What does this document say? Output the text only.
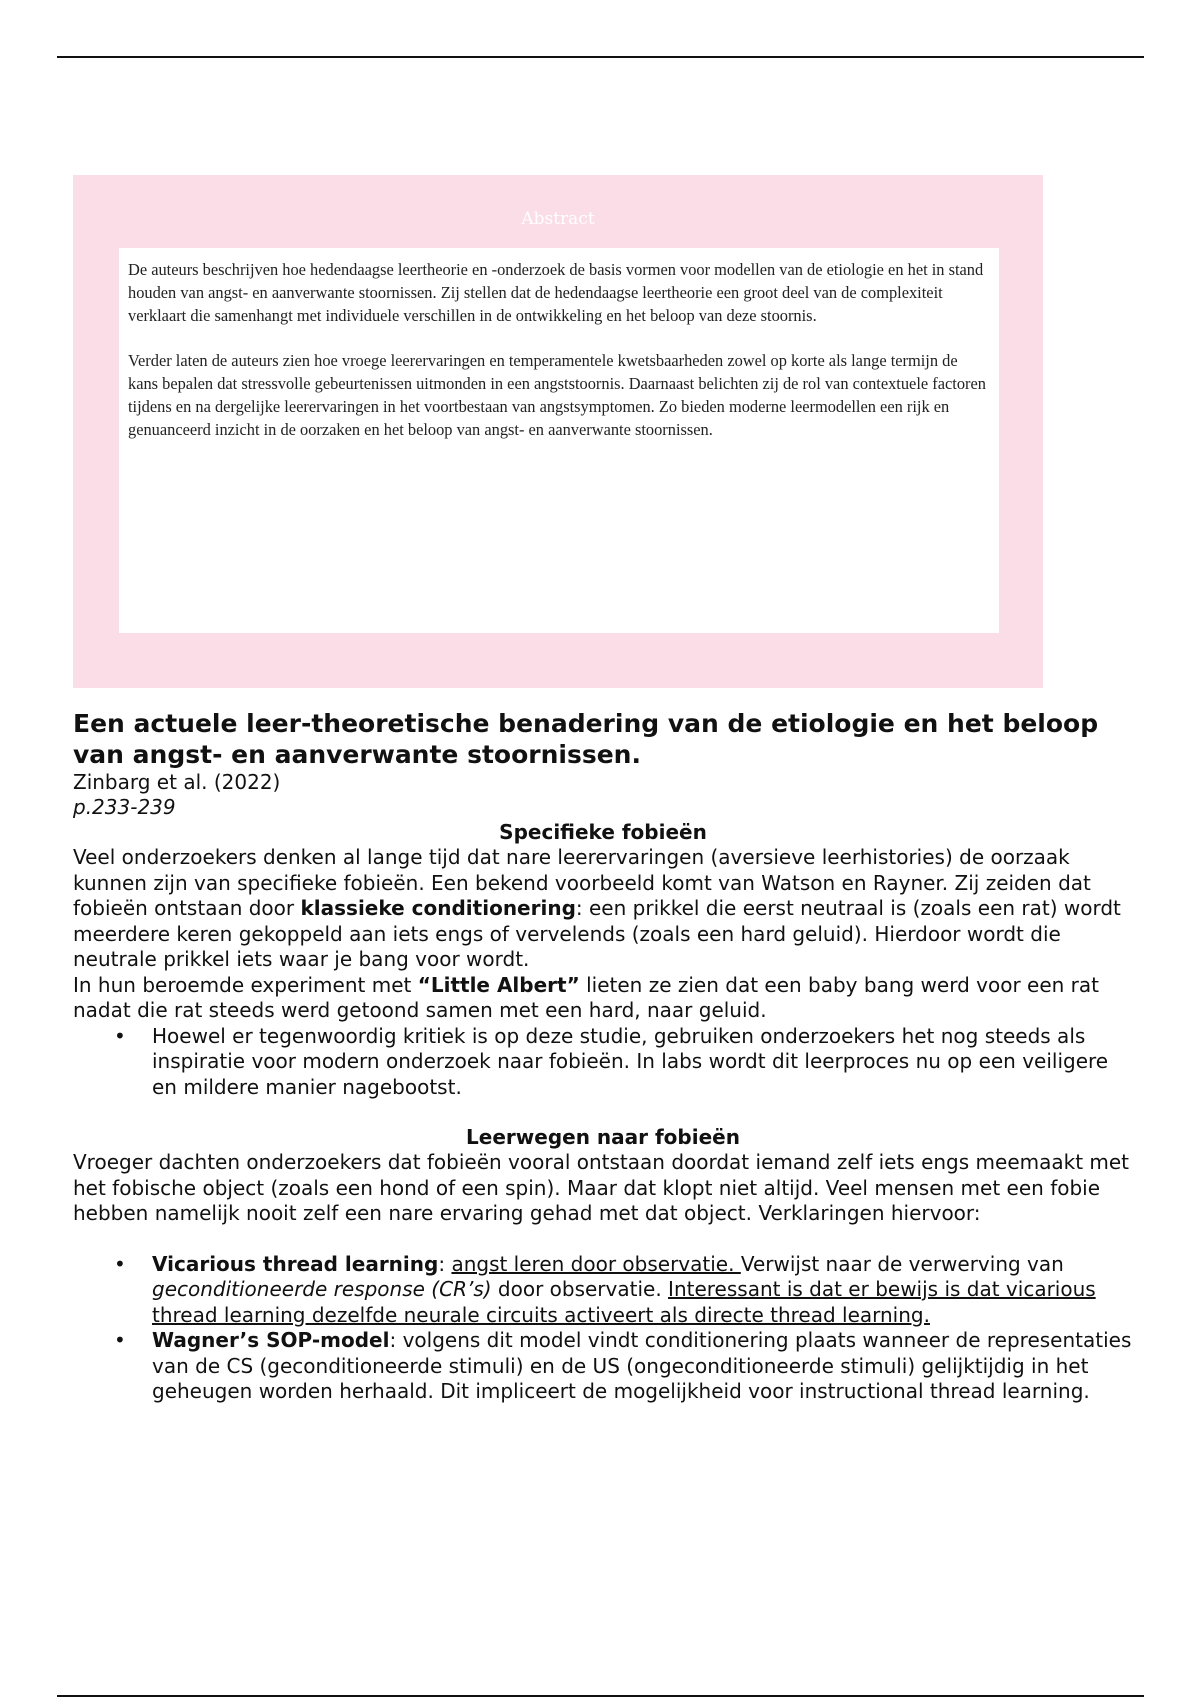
Abstract

De auteurs beschrijven hoe hedendaagse leertheorie en -onderzoek de basis vormen voor modellen van de etiologie en het in stand houden van angst- en aanverwante stoornissen. Zij stellen dat de hedendaagse leertheorie een groot deel van de complexiteit verklaart die samenhangt met individuele verschillen in de ontwikkeling en het beloop van deze stoornis.

Verder laten de auteurs zien hoe vroege leerervaringen en temperamentele kwetsbaarheden zowel op korte als lange termijn de kans bepalen dat stressvolle gebeurtenissen uitmonden in een angststoornis. Daarnaast belichten zij de rol van contextuele factoren tijdens en na dergelijke leerervaringen in het voortbestaan van angstsymptomen. Zo bieden moderne leermodellen een rijk en genuanceerd inzicht in de oorzaken en het beloop van angst- en aanverwante stoornissen.

Een actuele leer-theoretische benadering van de etiologie en het beloop van angst- en aanverwante stoornissen.
Zinbarg et al. (2022)
p.233-239
Specifieke fobieën

Veel onderzoekers denken al lange tijd dat nare leerervaringen (aversieve leerhistories) de oorzaak kunnen zijn van specifieke fobieën. Een bekend voorbeeld komt van Watson en Rayner. Zij zeiden dat fobieën ontstaan door klassieke conditionering: een prikkel die eerst neutraal is (zoals een rat) wordt meerdere keren gekoppeld aan iets engs of vervelends (zoals een hard geluid). Hierdoor wordt die neutrale prikkel iets waar je bang voor wordt.

In hun beroemde experiment met “Little Albert” lieten ze zien dat een baby bang werd voor een rat nadat die rat steeds werd getoond samen met een hard, naar geluid.

• Hoewel er tegenwoordig kritiek is op deze studie, gebruiken onderzoekers het nog steeds als inspiratie voor modern onderzoek naar fobieën. In labs wordt dit leerproces nu op een veiligere en mildere manier nagebootst.
Leerwegen naar fobieën

Vroeger dachten onderzoekers dat fobieën vooral ontstaan doordat iemand zelf iets engs meemaakt met het fobische object (zoals een hond of een spin). Maar dat klopt niet altijd. Veel mensen met een fobie hebben namelijk nooit zelf een nare ervaring gehad met dat object. Verklaringen hiervoor:

• Vicarious thread learning: angst leren door observatie. Verwijst naar de verwerving van geconditioneerde response (CR’s) door observatie. Interessant is dat er bewijs is dat vicarious thread learning dezelfde neurale circuits activeert als directe thread learning.
• Wagner’s SOP-model: volgens dit model vindt conditionering plaats wanneer de representaties van de CS (geconditioneerde stimuli) en de US (ongeconditioneerde stimuli) gelijktijdig in het geheugen worden herhaald. Dit impliceert de mogelijkheid voor instructional thread learning.
